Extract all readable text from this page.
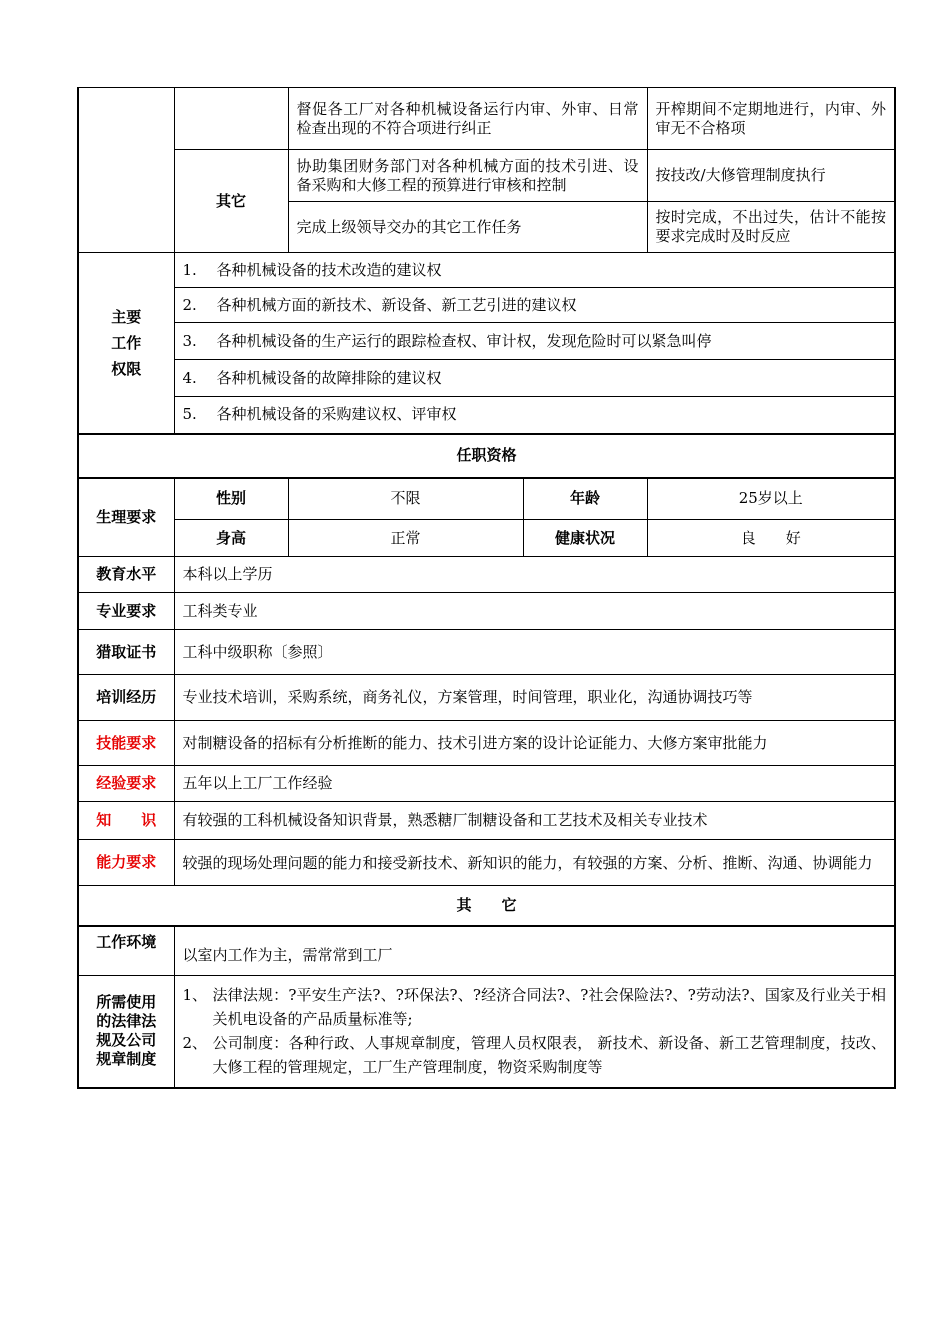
		督促各工厂对各种机械设备运行内审、外审、日常检查出现的不符合项进行纠正		开榨期间不定期地进行，内审、外审无不合格项
	其它	协助集团财务部门对各种机械方面的技术引进、设备采购和大修工程的预算进行审核和控制		按技改/大修管理制度执行
		完成上级领导交办的其它工作任务		按时完成，不出过失，估计不能按要求完成时及时反应
主要
工作
权限	1. 各种机械设备的技术改造的建议权			
	2. 各种机械方面的新技术、新设备、新工艺引进的建议权			
	3. 各种机械设备的生产运行的跟踪检查权、审计权，发现危险时可以紧急叫停			
	4. 各种机械设备的故障排除的建议权			
	5. 各种机械设备的采购建议权、评审权			
任职资格				
生理要求	性别	不限	年龄	25岁以上
	身高	正常	健康状况	良　　好
教育水平	本科以上学历			
专业要求	工科类专业			
猎取证书	工科中级职称〔参照〕			
培训经历	专业技术培训，采购系统，商务礼仪，方案管理，时间管理，职业化，沟通协调技巧等			
技能要求	对制糖设备的招标有分析推断的能力、技术引进方案的设计论证能力、大修方案审批能力			
经验要求	五年以上工厂工作经验			
知　　识	有较强的工科机械设备知识背景，熟悉糖厂制糖设备和工艺技术及相关专业技术			
能力要求	较强的现场处理问题的能力和接受新技术、新知识的能力，有较强的方案、分析、推断、沟通、协调能力			
其　　它				
工作环境	以室内工作为主，需常常到工厂			
所需使用的法律法规及公司规章制度	1、 法律法规：?平安生产法?、?环保法?、?经济合同法?、?社会保险法?、?劳动法?、国家及行业关于相关机电设备的产品质量标准等;
2、 公司制度：各种行政、人事规章制度，管理人员权限表， 新技术、新设备、新工艺管理制度，技改、大修工程的管理规定，工厂生产管理制度，物资采购制度等			
